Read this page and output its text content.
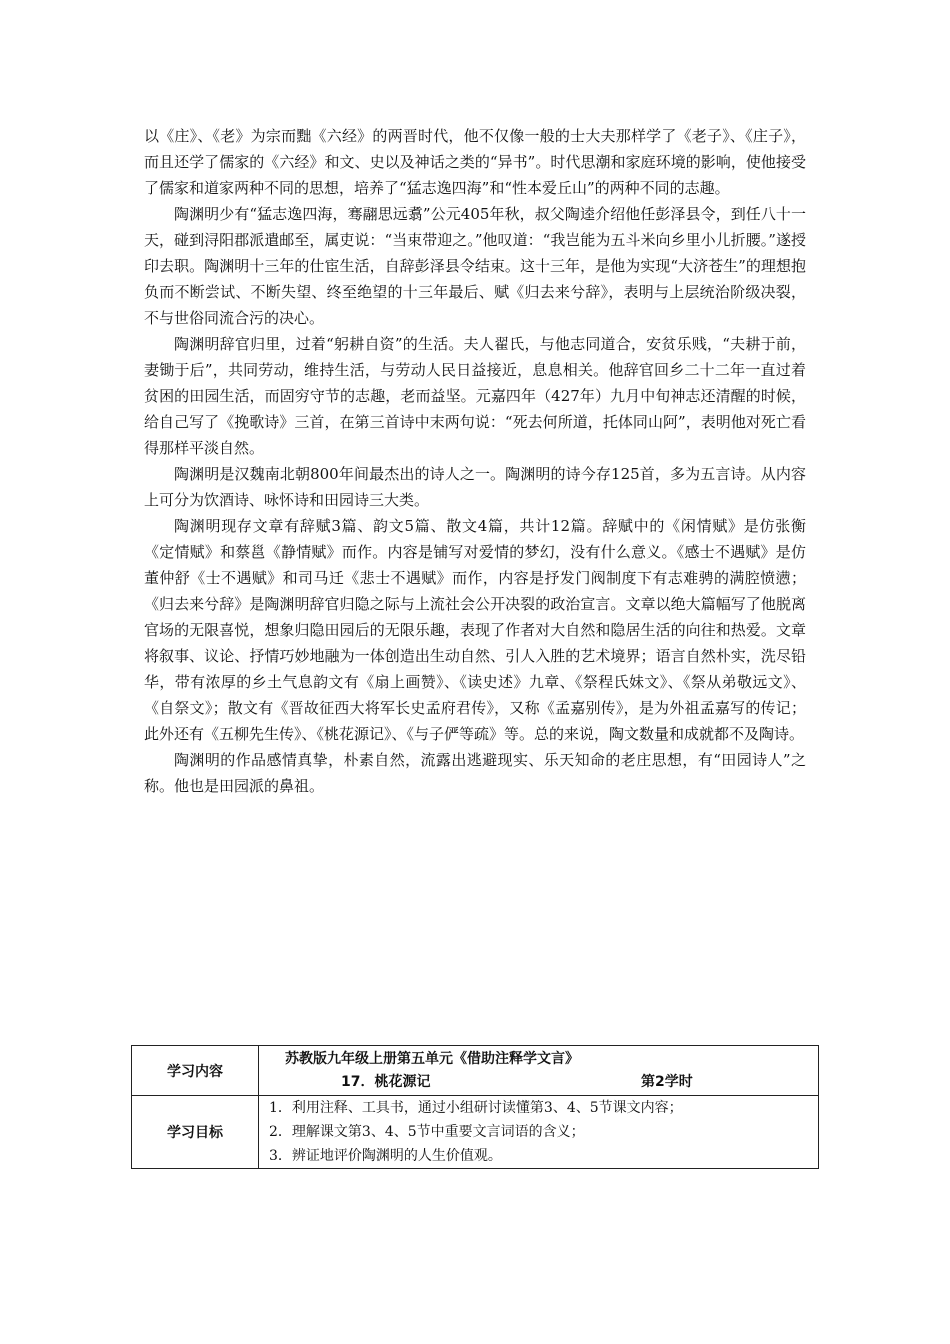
以《庄》、《老》为宗而黜《六经》的两晋时代，他不仅像一般的士大夫那样学了《老子》、《庄子》，而且还学了儒家的《六经》和文、史以及神话之类的“异书”。时代思潮和家庭环境的影响，使他接受了儒家和道家两种不同的思想，培养了“猛志逸四海”和“性本爱丘山”的两种不同的志趣。

陶渊明少有“猛志逸四海，骞翮思远翥”公元405年秋，叔父陶逵介绍他任彭泽县令，到任八十一天，碰到浔阳郡派遣邮至，属吏说：“当束带迎之。”他叹道：“我岂能为五斗米向乡里小儿折腰。”遂授印去职。陶渊明十三年的仕宦生活，自辞彭泽县令结束。这十三年，是他为实现“大济苍生”的理想抱负而不断尝试、不断失望、终至绝望的十三年最后、赋《归去来兮辞》，表明与上层统治阶级决裂，不与世俗同流合污的决心。

陶渊明辞官归里，过着“躬耕自资”的生活。夫人翟氏，与他志同道合，安贫乐贱，“夫耕于前，妻锄于后”，共同劳动，维持生活，与劳动人民日益接近，息息相关。他辞官回乡二十二年一直过着贫困的田园生活，而固穷守节的志趣，老而益坚。元嘉四年（427年）九月中旬神志还清醒的时候，给自己写了《挽歌诗》三首，在第三首诗中末两句说：“死去何所道，托体同山阿”，表明他对死亡看得那样平淡自然。

陶渊明是汉魏南北朝800年间最杰出的诗人之一。陶渊明的诗今存125首，多为五言诗。从内容上可分为饮酒诗、咏怀诗和田园诗三大类。

陶渊明现存文章有辞赋3篇、韵文5篇、散文4篇，共计12篇。辞赋中的《闲情赋》是仿张衡《定情赋》和蔡邕《静情赋》而作。内容是铺写对爱情的梦幻，没有什么意义。《感士不遇赋》是仿董仲舒《士不遇赋》和司马迁《悲士不遇赋》而作，内容是抒发门阀制度下有志难骋的满腔愤懑；《归去来兮辞》是陶渊明辞官归隐之际与上流社会公开决裂的政治宣言。文章以绝大篇幅写了他脱离官场的无限喜悦，想象归隐田园后的无限乐趣，表现了作者对大自然和隐居生活的向往和热爱。文章将叙事、议论、抒情巧妙地融为一体创造出生动自然、引人入胜的艺术境界；语言自然朴实，洗尽铅华，带有浓厚的乡土气息韵文有《扇上画赞》、《读史述》九章、《祭程氏妹文》、《祭从弟敬远文》、《自祭文》；散文有《晋故征西大将军长史孟府君传》，又称《孟嘉别传》，是为外祖孟嘉写的传记；此外还有《五柳先生传》、《桃花源记》、《与子俨等疏》等。总的来说，陶文数量和成就都不及陶诗。

陶渊明的作品感情真挚，朴素自然，流露出逃避现实、乐天知命的老庄思想，有“田园诗人”之称。他也是田园派的鼻祖。

学习内容	苏教版九年级上册第五单元《借助注释学文言》
17．桃花源记 第2学时

学习目标	1．利用注释、工具书，通过小组研讨读懂第3、4、5节课文内容；
2．理解课文第3、4、5节中重要文言词语的含义；
3．辨证地评价陶渊明的人生价值观。
